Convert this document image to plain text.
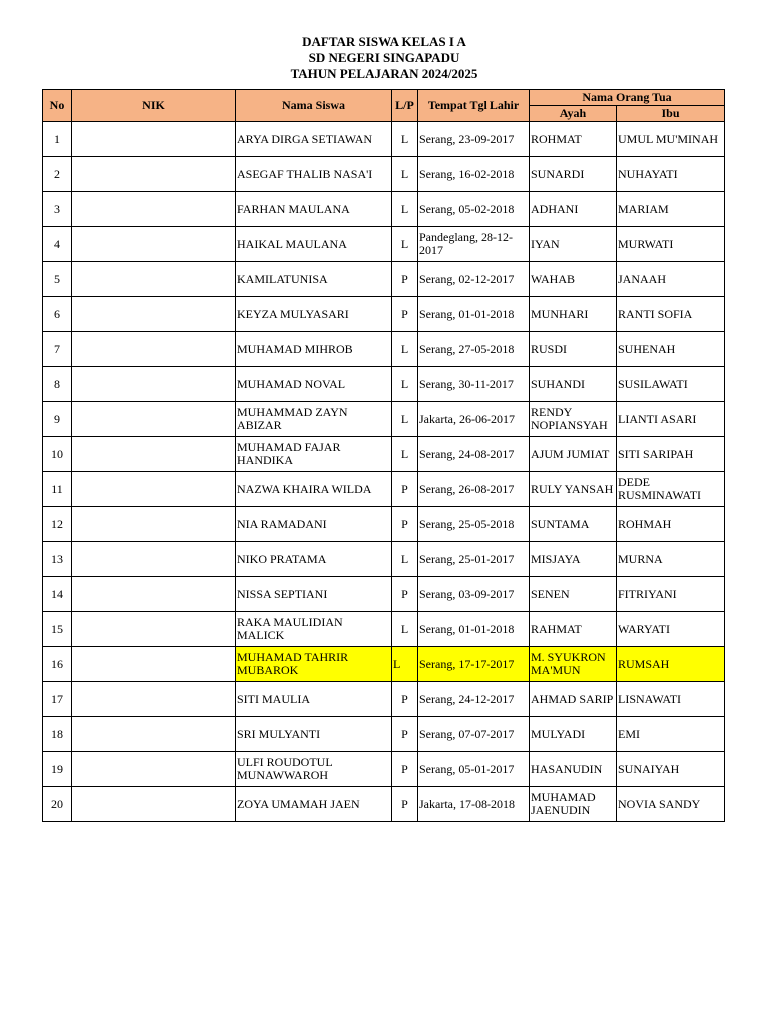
DAFTAR SISWA KELAS I A
SD NEGERI SINGAPADU
TAHUN PELAJARAN 2024/2025
No	NIK	Nama Siswa	L/P	Tempat Tgl Lahir	Nama Orang Tua	
					Ayah	Ibu
1		ARYA DIRGA SETIAWAN	L	Serang, 23-09-2017	ROHMAT	UMUL MU'MINAH
2		ASEGAF THALIB NASA'I	L	Serang, 16-02-2018	SUNARDI	NUHAYATI
3		FARHAN MAULANA	L	Serang, 05-02-2018	ADHANI	MARIAM
4		HAIKAL MAULANA	L	Pandeglang, 28-12-2017	IYAN	MURWATI
5		KAMILATUNISA	P	Serang, 02-12-2017	WAHAB	JANAAH
6		KEYZA MULYASARI	P	Serang, 01-01-2018	MUNHARI	RANTI SOFIA
7		MUHAMAD MIHROB	L	Serang, 27-05-2018	RUSDI	SUHENAH
8		MUHAMAD NOVAL	L	Serang, 30-11-2017	SUHANDI	SUSILAWATI
9		MUHAMMAD ZAYN ABIZAR	L	Jakarta, 26-06-2017	RENDY NOPIANSYAH	LIANTI ASARI
10		MUHAMAD FAJAR HANDIKA	L	Serang, 24-08-2017	AJUM JUMIAT	SITI SARIPAH
11		NAZWA KHAIRA WILDA	P	Serang, 26-08-2017	RULY YANSAH	DEDE RUSMINAWATI
12		NIA RAMADANI	P	Serang, 25-05-2018	SUNTAMA	ROHMAH
13		NIKO PRATAMA	L	Serang, 25-01-2017	MISJAYA	MURNA
14		NISSA SEPTIANI	P	Serang, 03-09-2017	SENEN	FITRIYANI
15		RAKA MAULIDIAN MALICK	L	Serang, 01-01-2018	RAHMAT	WARYATI
16		MUHAMAD TAHRIR MUBAROK	L	Serang, 17-17-2017	M. SYUKRON MA'MUN	RUMSAH
17		SITI MAULIA	P	Serang, 24-12-2017	AHMAD SARIP	LISNAWATI
18		SRI MULYANTI	P	Serang, 07-07-2017	MULYADI	EMI
19		ULFI ROUDOTUL MUNAWWAROH	P	Serang, 05-01-2017	HASANUDIN	SUNAIYAH
20		ZOYA UMAMAH JAEN	P	Jakarta, 17-08-2018	MUHAMAD JAENUDIN	NOVIA SANDY
